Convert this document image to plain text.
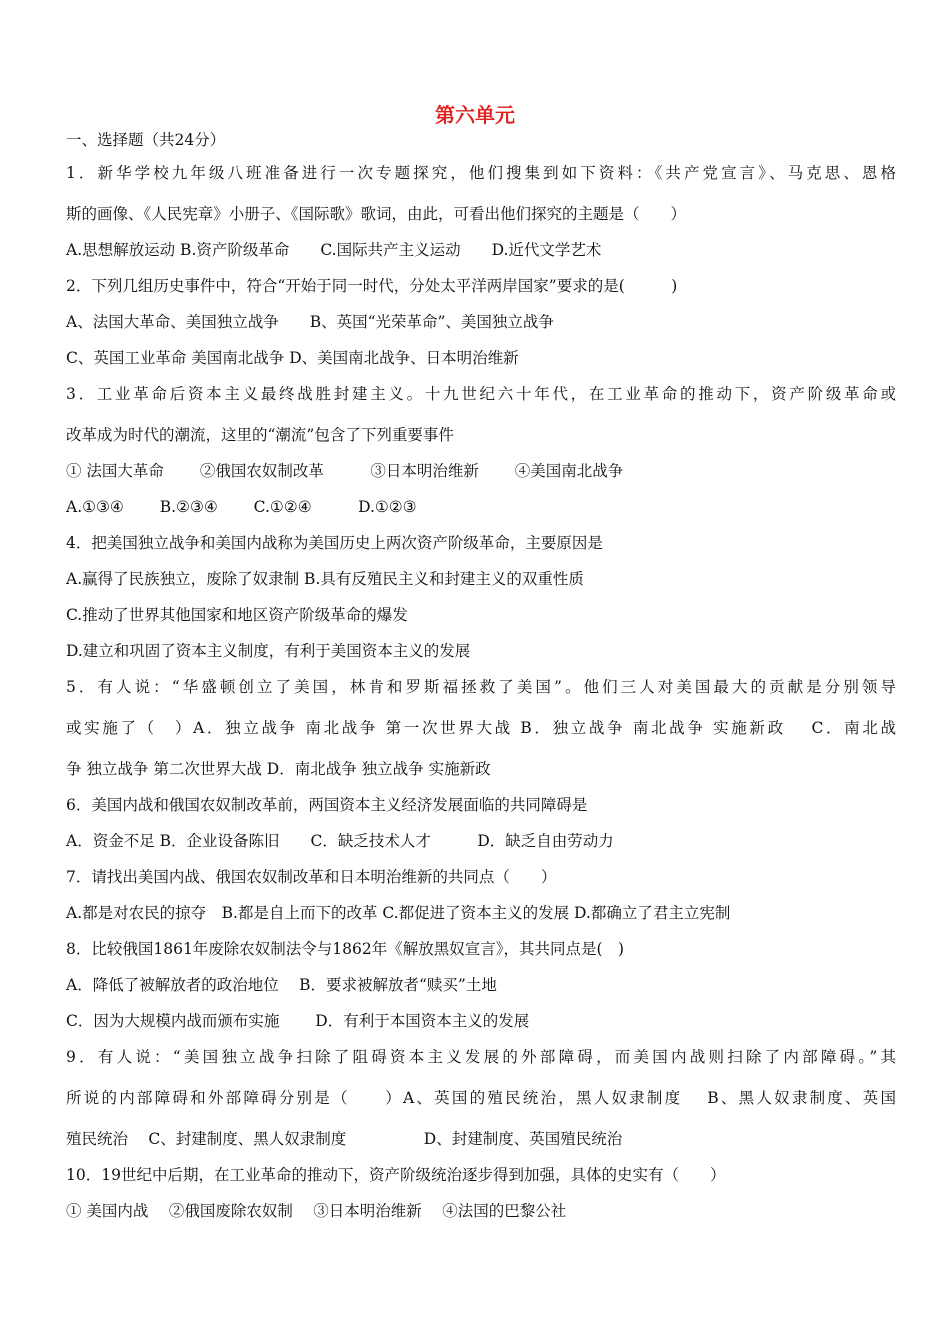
第六单元
一、选择题（共24分）
1．新华学校九年级八班准备进行一次专题探究，他们搜集到如下资料：《共产党宣言》、马克思、恩格
斯的画像、《人民宪章》小册子、《国际歌》歌词，由此，可看出他们探究的主题是（　　）
A.思想解放运动 B.资产阶级革命　　C.国际共产主义运动　　D.近代文学艺术
2．下列几组历史事件中，符合“开始于同一时代，分处太平洋两岸国家”要求的是(　　　)
A、法国大革命、美国独立战争　　B、英国“光荣革命”、美国独立战争
C、英国工业革命 美国南北战争 D、美国南北战争、日本明治维新
3．工业革命后资本主义最终战胜封建主义。十九世纪六十年代，在工业革命的推动下，资产阶级革命或
改革成为时代的潮流，这里的“潮流”包含了下列重要事件
① 法国大革命　　 ②俄国农奴制改革　　　③日本明治维新　　 ④美国南北战争
A.①③④　　 B.②③④　　 C.①②④　　　D.①②③
4．把美国独立战争和美国内战称为美国历史上两次资产阶级革命，主要原因是
A.赢得了民族独立，废除了奴隶制 B.具有反殖民主义和封建主义的双重性质
C.推动了世界其他国家和地区资产阶级革命的爆发
D.建立和巩固了资本主义制度，有利于美国资本主义的发展
5．有人说：“华盛顿创立了美国，林肯和罗斯福拯救了美国”。他们三人对美国最大的贡献是分别领导
或实施了（　）A．独立战争 南北战争 第一次世界大战 B．独立战争 南北战争 实施新政　 C．南北战
争 独立战争 第二次世界大战 D．南北战争 独立战争 实施新政
6．美国内战和俄国农奴制改革前，两国资本主义经济发展面临的共同障碍是
A．资金不足 B．企业设备陈旧　　C．缺乏技术人才　　　D．缺乏自由劳动力
7．请找出美国内战、俄国农奴制改革和日本明治维新的共同点（　　）
A.都是对农民的掠夺　B.都是自上而下的改革 C.都促进了资本主义的发展 D.都确立了君主立宪制
8．比较俄国1861年废除农奴制法令与1862年《解放黑奴宣言》，其共同点是(　)
A．降低了被解放者的政治地位　 B．要求被解放者“赎买”土地
C．因为大规模内战而颁布实施　　 D．有利于本国资本主义的发展
9．有人说：“美国独立战争扫除了阻碍资本主义发展的外部障碍，而美国内战则扫除了内部障碍。”其
所说的内部障碍和外部障碍分别是（　　）A、英国的殖民统治，黑人奴隶制度　 B、黑人奴隶制度、英国
殖民统治　 C、封建制度、黑人奴隶制度　　　　　D、封建制度、英国殖民统治
10．19世纪中后期，在工业革命的推动下，资产阶级统治逐步得到加强，具体的史实有（　　）
① 美国内战　 ②俄国废除农奴制　 ③日本明治维新　 ④法国的巴黎公社
